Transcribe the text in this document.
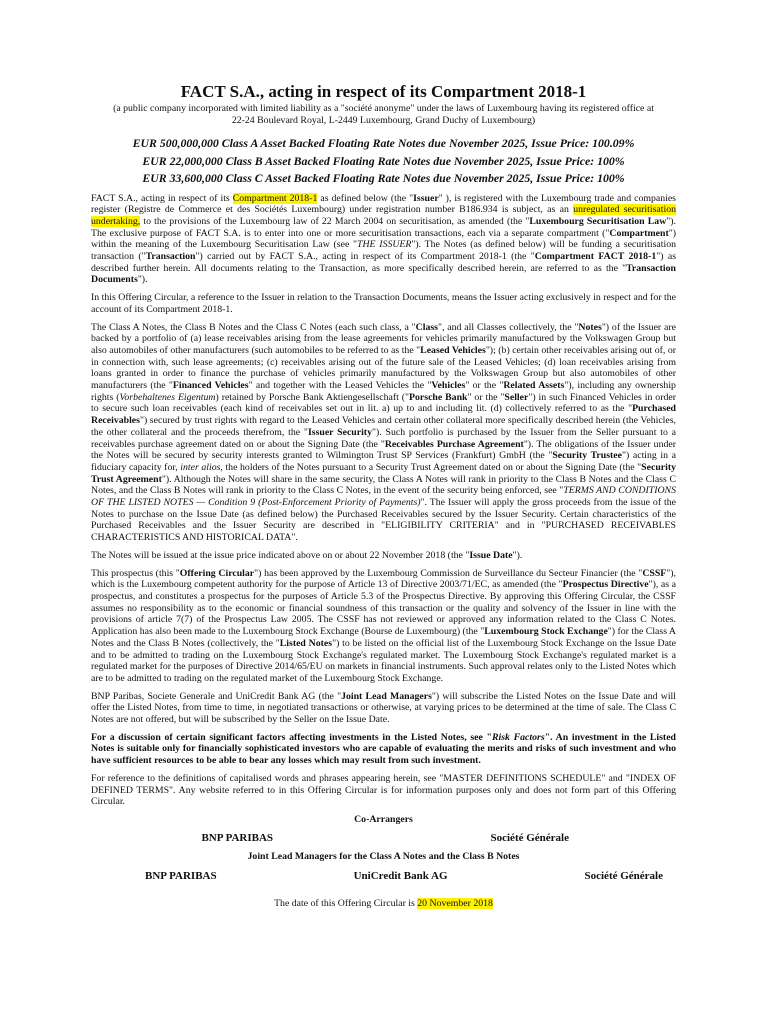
FACT S.A., acting in respect of its Compartment 2018-1
(a public company incorporated with limited liability as a "société anonyme" under the laws of Luxembourg having its registered office at
22-24 Boulevard Royal, L-2449 Luxembourg, Grand Duchy of Luxembourg)
EUR 500,000,000 Class A Asset Backed Floating Rate Notes due November 2025, Issue Price: 100.09%
EUR 22,000,000 Class B Asset Backed Floating Rate Notes due November 2025, Issue Price: 100%
EUR 33,600,000 Class C Asset Backed Floating Rate Notes due November 2025, Issue Price: 100%

FACT S.A., acting in respect of its Compartment 2018-1 as defined below (the "Issuer" ), is registered with the Luxembourg trade and companies register (Registre de Commerce et des Sociétés Luxembourg) under registration number B186.934 is subject, as an unregulated securitisation undertaking, to the provisions of the Luxembourg law of 22 March 2004 on securitisation, as amended (the "Luxembourg Securitisation Law"). The exclusive purpose of FACT S.A. is to enter into one or more securitisation transactions, each via a separate compartment ("Compartment") within the meaning of the Luxembourg Securitisation Law (see "THE ISSUER"). The Notes (as defined below) will be funding a securitisation transaction ("Transaction") carried out by FACT S.A., acting in respect of its Compartment 2018-1 (the "Compartment FACT 2018-1") as described further herein. All documents relating to the Transaction, as more specifically described herein, are referred to as the "Transaction Documents").

In this Offering Circular, a reference to the Issuer in relation to the Transaction Documents, means the Issuer acting exclusively in respect and for the account of its Compartment 2018-1.

The Class A Notes, the Class B Notes and the Class C Notes (each such class, a "Class", and all Classes collectively, the "Notes") of the Issuer are backed by a portfolio of (a) lease receivables arising from the lease agreements for vehicles primarily manufactured by the Volkswagen Group but also automobiles of other manufacturers (such automobiles to be referred to as the "Leased Vehicles"); (b) certain other receivables arising out of, or in connection with, such lease agreements; (c) receivables arising out of the future sale of the Leased Vehicles; (d) loan receivables arising from loans granted in order to finance the purchase of vehicles primarily manufactured by the Volkswagen Group but also automobiles of other manufacturers (the "Financed Vehicles" and together with the Leased Vehicles the "Vehicles" or the "Related Assets"), including any ownership rights (Vorbehaltenes Eigentum) retained by Porsche Bank Aktiengesellschaft ("Porsche Bank" or the "Seller") in such Financed Vehicles in order to secure such loan receivables (each kind of receivables set out in lit. a) up to and including lit. (d) collectively referred to as the "Purchased Receivables") secured by trust rights with regard to the Leased Vehicles and certain other collateral more specifically described herein (the Vehicles, the other collateral and the proceeds therefrom, the "Issuer Security"). Such portfolio is purchased by the Issuer from the Seller pursuant to a receivables purchase agreement dated on or about the Signing Date (the "Receivables Purchase Agreement"). The obligations of the Issuer under the Notes will be secured by security interests granted to Wilmington Trust SP Services (Frankfurt) GmbH (the "Security Trustee") acting in a fiduciary capacity for, inter alios, the holders of the Notes pursuant to a Security Trust Agreement dated on or about the Signing Date (the "Security Trust Agreement"). Although the Notes will share in the same security, the Class A Notes will rank in priority to the Class B Notes and the Class C Notes, and the Class B Notes will rank in priority to the Class C Notes, in the event of the security being enforced, see "TERMS AND CONDITIONS OF THE LISTED NOTES — Condition 9 (Post-Enforcement Priority of Payments)". The Issuer will apply the gross proceeds from the issue of the Notes to purchase on the Issue Date (as defined below) the Purchased Receivables secured by the Issuer Security. Certain characteristics of the Purchased Receivables and the Issuer Security are described in "ELIGIBILITY CRITERIA" and in "PURCHASED RECEIVABLES CHARACTERISTICS AND HISTORICAL DATA".

The Notes will be issued at the issue price indicated above on or about 22 November 2018 (the "Issue Date").

This prospectus (this "Offering Circular") has been approved by the Luxembourg Commission de Surveillance du Secteur Financier (the "CSSF"), which is the Luxembourg competent authority for the purpose of Article 13 of Directive 2003/71/EC, as amended (the "Prospectus Directive"), as a prospectus, and constitutes a prospectus for the purposes of Article 5.3 of the Prospectus Directive. By approving this Offering Circular, the CSSF assumes no responsibility as to the economic or financial soundness of this transaction or the quality and solvency of the Issuer in line with the provisions of article 7(7) of the Prospectus Law 2005. The CSSF has not reviewed or approved any information related to the Class C Notes. Application has also been made to the Luxembourg Stock Exchange (Bourse de Luxembourg) (the "Luxembourg Stock Exchange") for the Class A Notes and the Class B Notes (collectively, the "Listed Notes") to be listed on the official list of the Luxembourg Stock Exchange on the Issue Date and to be admitted to trading on the Luxembourg Stock Exchange's regulated market. The Luxembourg Stock Exchange's regulated market is a regulated market for the purposes of Directive 2014/65/EU on markets in financial instruments. Such approval relates only to the Listed Notes which are to be admitted to trading on the regulated market of the Luxembourg Stock Exchange.

BNP Paribas, Societe Generale and UniCredit Bank AG (the "Joint Lead Managers") will subscribe the Listed Notes on the Issue Date and will offer the Listed Notes, from time to time, in negotiated transactions or otherwise, at varying prices to be determined at the time of sale. The Class C Notes are not offered, but will be subscribed by the Seller on the Issue Date.

For a discussion of certain significant factors affecting investments in the Listed Notes, see "Risk Factors". An investment in the Listed Notes is suitable only for financially sophisticated investors who are capable of evaluating the merits and risks of such investment and who have sufficient resources to be able to bear any losses which may result from such investment.

For reference to the definitions of capitalised words and phrases appearing herein, see "MASTER DEFINITIONS SCHEDULE" and "INDEX OF DEFINED TERMS". Any website referred to in this Offering Circular is for information purposes only and does not form part of this Offering Circular.

Co-Arrangers
BNP PARIBAS	Société Générale
Joint Lead Managers for the Class A Notes and the Class B Notes
BNP PARIBAS	UniCredit Bank AG	Société Générale
The date of this Offering Circular is 20 November 2018
